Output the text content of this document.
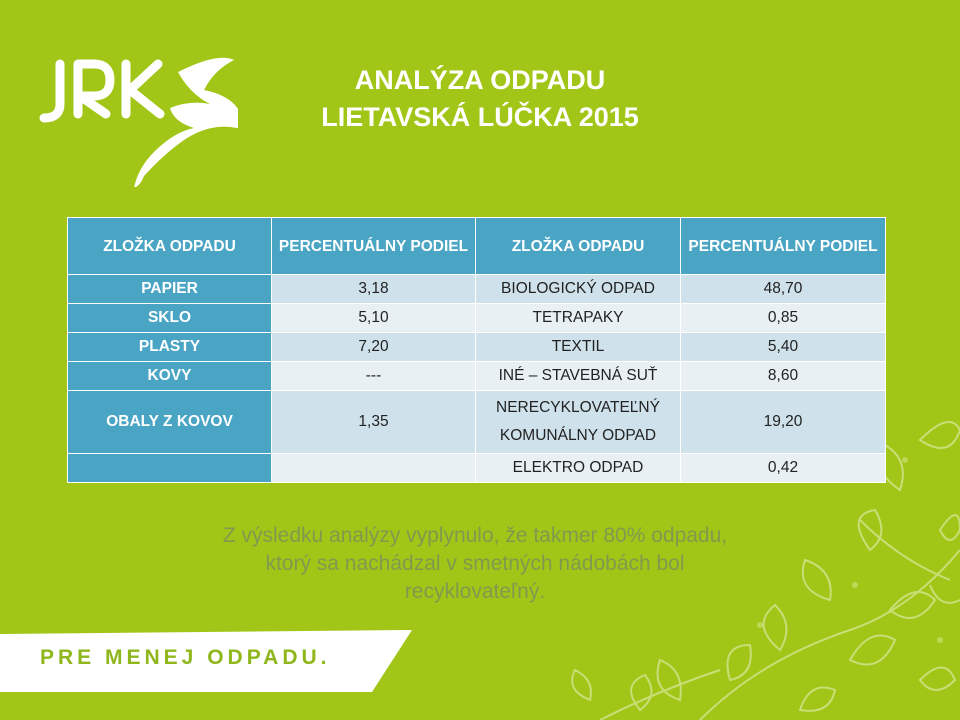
ANALÝZA ODPADU
LIETAVSKÁ LÚČKA 2015
ZLOŽKA ODPADU	PERCENTUÁLNY PODIEL	ZLOŽKA ODPADU	PERCENTUÁLNY PODIEL
PAPIER	3,18	BIOLOGICKÝ ODPAD	48,70
SKLO	5,10	TETRAPAKY	0,85
PLASTY	7,20	TEXTIL	5,40
KOVY	---	INÉ – STAVEBNÁ SUŤ	8,60
OBALY Z KOVOV	1,35	NERECYKLOVATEĽNÝ KOMUNÁLNY ODPAD	19,20
		ELEKTRO ODPAD	0,42
Z výsledku analýzy vyplynulo, že takmer 80% odpadu,
ktorý sa nachádzal v smetných nádobách bol
recyklovateľný.
PRE MENEJ ODPADU.
